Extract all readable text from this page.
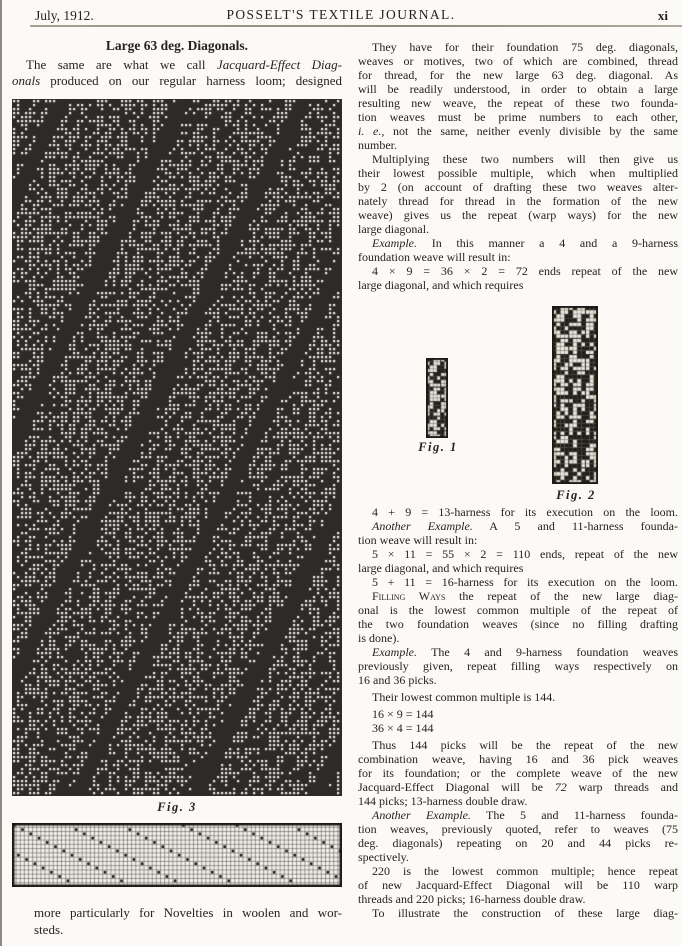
July, 1912.	POSSELT'S TEXTILE JOURNAL.	xi
Large 63 deg. Diagonals.
The same are what we call Jacquard-Effect Diag-
onals produced on our regular harness loom; designed
Fig. 3
more particularly for Novelties in woolen and wor-
steds.
They have for their foundation 75 deg. diagonals,
weaves or motives, two of which are combined, thread
for thread, for the new large 63 deg. diagonal. As
will be readily understood, in order to obtain a large
resulting new weave, the repeat of these two founda-
tion weaves must be prime numbers to each other,
i. e., not the same, neither evenly divisible by the same
number.
Multiplying these two numbers will then give us
their lowest possible multiple, which when multiplied
by 2 (on account of drafting these two weaves alter-
nately thread for thread in the formation of the new
weave) gives us the repeat (warp ways) for the new
large diagonal.
Example. In this manner a 4 and a 9-harness
foundation weave will result in:
4 × 9 = 36 × 2 = 72 ends repeat of the new
large diagonal, and which requires
Fig. 1
Fig. 2
4 + 9 = 13-harness for its execution on the loom.
Another Example. A 5 and 11-harness founda-
tion weave will result in:
5 × 11 = 55 × 2 = 110 ends, repeat of the new
large diagonal, and which requires
5 + 11 = 16-harness for its execution on the loom.
Filling Ways the repeat of the new large diag-
onal is the lowest common multiple of the repeat of
the two foundation weaves (since no filling drafting
is done).
Example. The 4 and 9-harness foundation weaves
previously given, repeat filling ways respectively on
16 and 36 picks.
Their lowest common multiple is 144.
16 × 9 = 144
36 × 4 = 144
Thus 144 picks will be the repeat of the new
combination weave, having 16 and 36 pick weaves
for its foundation; or the complete weave of the new
Jacquard-Effect Diagonal will be 72 warp threads and
144 picks; 13-harness double draw.
Another Example. The 5 and 11-harness founda-
tion weaves, previously quoted, refer to weaves (75
deg. diagonals) repeating on 20 and 44 picks re-
spectively.
220 is the lowest common multiple; hence repeat
of new Jacquard-Effect Diagonal will be 110 warp
threads and 220 picks; 16-harness double draw.
To illustrate the construction of these large diag-
